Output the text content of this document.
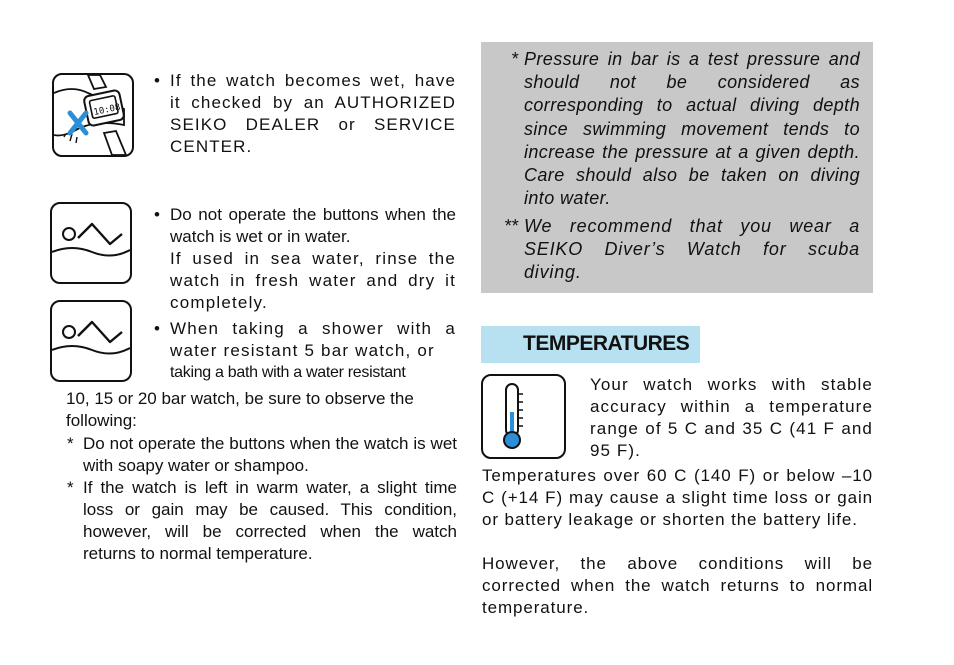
10:08
• If the watch becomes wet, have it checked by an AUTHORIZED SEIKO DEALER or SERVICE CENTER.
• Do not operate the buttons when the watch is wet or in water.
If used in sea water, rinse the watch in fresh water and dry it completely.
• When taking a shower with a water resistant 5 bar watch, or
taking a bath with a water resistant
10, 15 or 20 bar watch, be sure to observe the following:
* Do not operate the buttons when the watch is wet with soapy water or shampoo.
* If the watch is left in warm water, a slight time loss or gain may be caused. This condition, however, will be corrected when the watch returns to normal temperature.
* Pressure in bar is a test pressure and should not be considered as corresponding to actual diving depth since swimming movement tends to increase the pressure at a given depth. Care should also be taken on diving into water.
** We recommend that you wear a SEIKO Diver’s Watch for scuba diving.
TEMPERATURES
Your watch works with stable accuracy within a temperature range of 5 C and 35 C (41 F and 95 F).
Temperatures over 60 C (140 F) or below –10 C (+14 F) may cause a slight time loss or gain or battery leakage or shorten the battery life.
However, the above conditions will be corrected when the watch returns to normal temperature.
